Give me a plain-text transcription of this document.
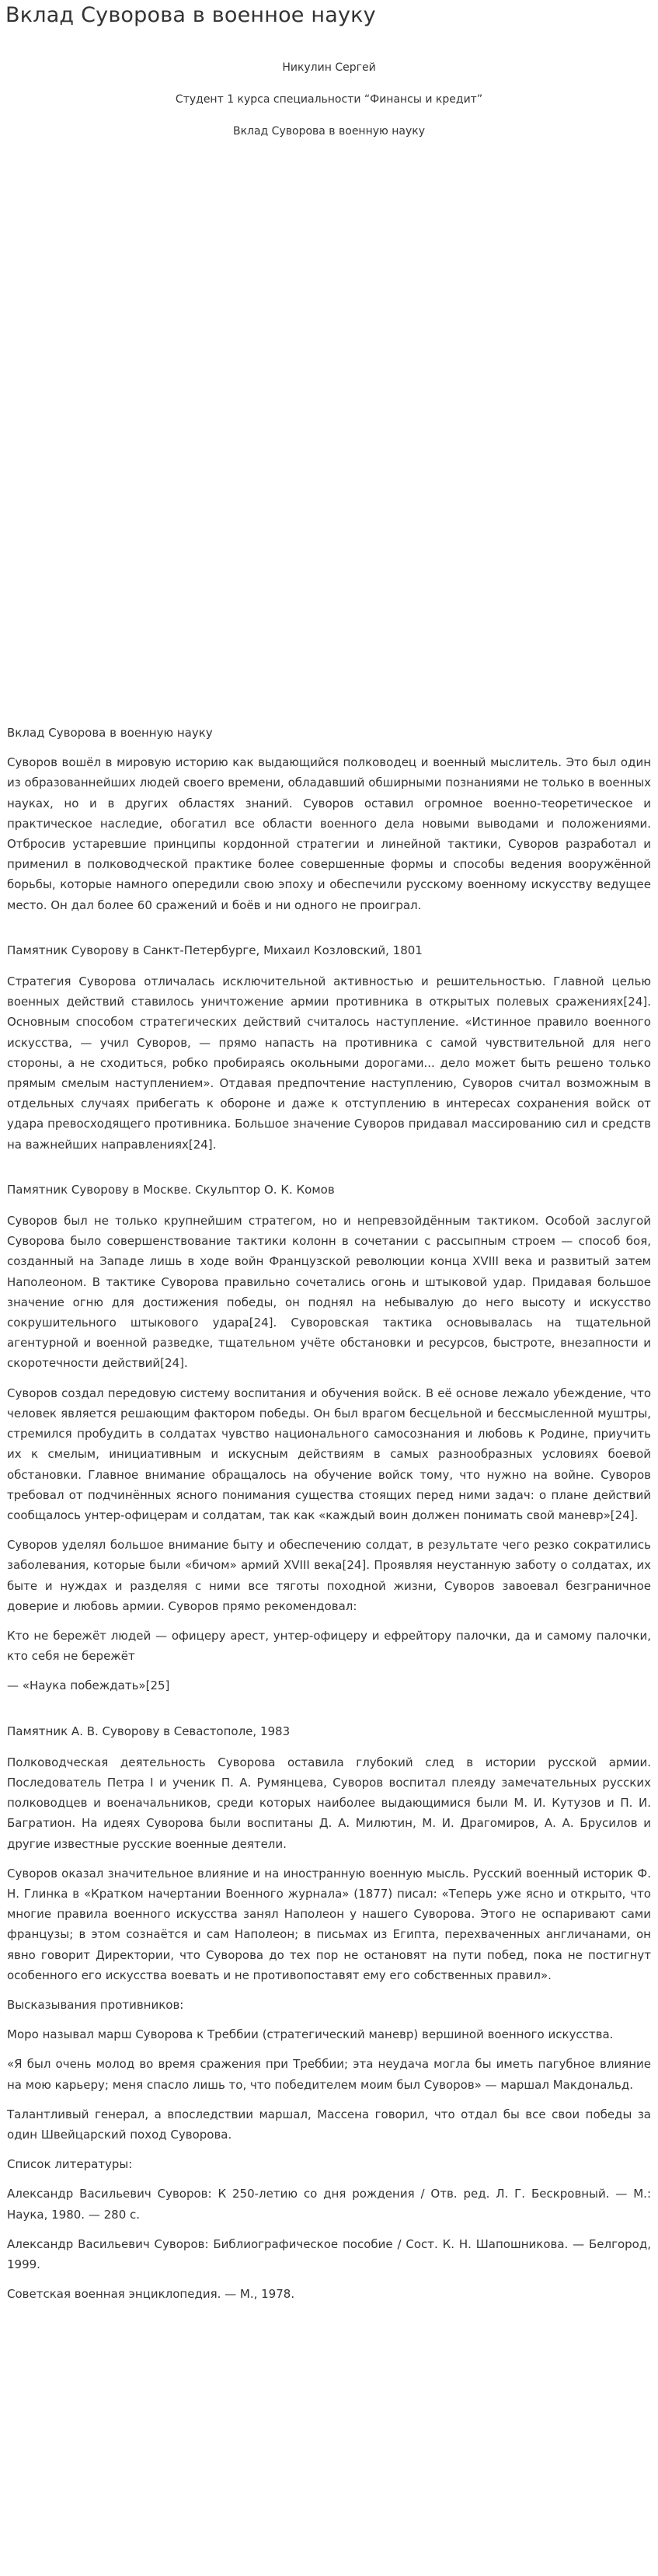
Вклад Суворова в военное науку

Никулин Сергей

Студент 1 курса специальности “Финансы и кредит”

Вклад Суворова в военную науку

Вклад Суворова в военную науку

Суворов вошёл в мировую историю как выдающийся полководец и военный мыслитель. Это был один из образованнейших людей своего времени, обладавший обширными познаниями не только в военных науках, но и в других областях знаний. Суворов оставил огромное военно-теоретическое и практическое наследие, обогатил все области военного дела новыми выводами и положениями. Отбросив устаревшие принципы кордонной стратегии и линейной тактики, Суворов разработал и применил в полководческой практике более совершенные формы и способы ведения вооружённой борьбы, которые намного опередили свою эпоху и обеспечили русскому военному искусству ведущее место. Он дал более 60 сражений и боёв и ни одного не проиграл.

Памятник Суворову в Санкт-Петербурге, Михаил Козловский, 1801

Стратегия Суворова отличалась исключительной активностью и решительностью. Главной целью военных действий ставилось уничтожение армии противника в открытых полевых сражениях[24]. Основным способом стратегических действий считалось наступление. «Истинное правило военного искусства, — учил Суворов, — прямо напасть на противника с самой чувствительной для него стороны, а не сходиться, робко пробираясь окольными дорогами... дело может быть решено только прямым смелым наступлением». Отдавая предпочтение наступлению, Суворов считал возможным в отдельных случаях прибегать к обороне и даже к отступлению в интересах сохранения войск от удара превосходящего противника. Большое значение Суворов придавал массированию сил и средств на важнейших направлениях[24].

Памятник Суворову в Москве. Скульптор О. К. Комов

Суворов был не только крупнейшим стратегом, но и непревзойдённым тактиком. Особой заслугой Суворова было совершенствование тактики колонн в сочетании с рассыпным строем — способ боя, созданный на Западе лишь в ходе войн Французской революции конца XVIII века и развитый затем Наполеоном. В тактике Суворова правильно сочетались огонь и штыковой удар. Придавая большое значение огню для достижения победы, он поднял на небывалую до него высоту и искусство сокрушительного штыкового удара[24]. Суворовская тактика основывалась на тщательной агентурной и военной разведке, тщательном учёте обстановки и ресурсов, быстроте, внезапности и скоротечности действий[24].

Суворов создал передовую систему воспитания и обучения войск. В её основе лежало убеждение, что человек является решающим фактором победы. Он был врагом бесцельной и бессмысленной муштры, стремился пробудить в солдатах чувство национального самосознания и любовь к Родине, приучить их к смелым, инициативным и искусным действиям в самых разнообразных условиях боевой обстановки. Главное внимание обращалось на обучение войск тому, что нужно на войне. Суворов требовал от подчинённых ясного понимания существа стоящих перед ними задач: о плане действий сообщалось унтер-офицерам и солдатам, так как «каждый воин должен понимать свой маневр»[24].

Суворов уделял большое внимание быту и обеспечению солдат, в результате чего резко сократились заболевания, которые были «бичом» армий XVIII века[24]. Проявляя неустанную заботу о солдатах, их быте и нуждах и разделяя с ними все тяготы походной жизни, Суворов завоевал безграничное доверие и любовь армии. Суворов прямо рекомендовал:

Кто не бережёт людей — офицеру арест, унтер-офицеру и ефрейтору палочки, да и самому палочки, кто себя не бережёт

— «Наука побеждать»[25]

Памятник А. В. Суворову в Севастополе, 1983

Полководческая деятельность Суворова оставила глубокий след в истории русской армии. Последователь Петра I и ученик П. А. Румянцева, Суворов воспитал плеяду замечательных русских полководцев и военачальников, среди которых наиболее выдающимися были М. И. Кутузов и П. И. Багратион. На идеях Суворова были воспитаны Д. А. Милютин, М. И. Драгомиров, А. А. Брусилов и другие известные русские военные деятели.

Суворов оказал значительное влияние и на иностранную военную мысль. Русский военный историк Ф. Н. Глинка в «Кратком начертании Военного журнала» (1877) писал: «Теперь уже ясно и открыто, что многие правила военного искусства занял Наполеон у нашего Суворова. Этого не оспаривают сами французы; в этом сознаётся и сам Наполеон; в письмах из Египта, перехваченных англичанами, он явно говорит Директории, что Суворова до тех пор не остановят на пути побед, пока не постигнут особенного его искусства воевать и не противопоставят ему его собственных правил».

Высказывания противников:

Моро называл марш Суворова к Треббии (стратегический маневр) вершиной военного искусства.

«Я был очень молод во время сражения при Треббии; эта неудача могла бы иметь пагубное влияние на мою карьеру; меня спасло лишь то, что победителем моим был Суворов» — маршал Макдональд.

Талантливый генерал, а впоследствии маршал, Массена говорил, что отдал бы все свои победы за один Швейцарский поход Суворова.

Список литературы:

Александр Васильевич Суворов: К 250-летию со дня рождения / Отв. ред. Л. Г. Бескровный. — М.: Наука, 1980. — 280 с.

Александр Васильевич Суворов: Библиографическое пособие / Сост. К. Н. Шапошникова. — Белгород, 1999.

Советская военная энциклопедия. — М., 1978.
